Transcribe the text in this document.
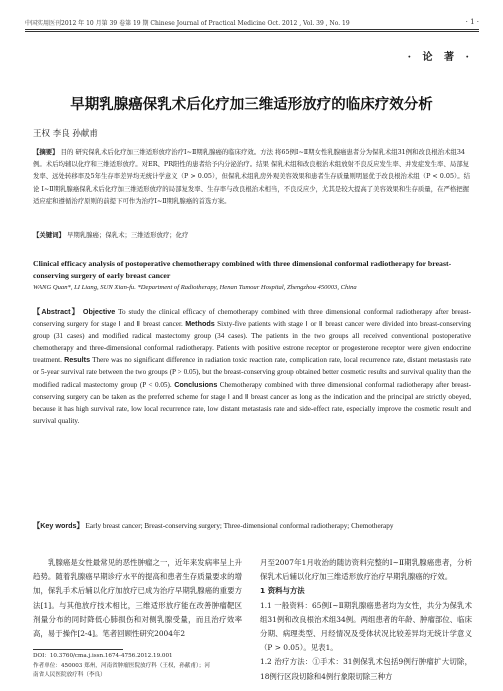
中国实用医刊2012 年 10 月第 39 卷第 19 期 Chinese Journal of Practical Medicine Oct. 2012 , Vol. 39 , No. 19	· 1 ·
· 论 著 ·
早期乳腺癌保乳术后化疗加三维适形放疗的临床疗效分析
王权 李良 孙献甫
【摘要】 目的 研究保乳术后化疗加三维适形放疗治疗Ⅰ~Ⅱ期乳腺癌的临床疗效。方法 将65例Ⅰ~Ⅱ期女性乳腺癌患者分为保乳术组31例和改良根治术组34例。术后均辅以化疗和三维适形放疗。对ER、PR阳性的患者给予内分泌治疗。结果 保乳术组和改良根治术组放射不良反应发生率、并发症发生率、局部复发率、远处转移率及5年生存率差异均无统计学意义（P > 0.05），但保乳术组乳房外观美容效果和患者生存质量则明显优于改良根治术组（P < 0.05）。结论 Ⅰ~Ⅱ期乳腺癌保乳术后化疗加三维适形放疗的局部复发率、生存率与改良根治术相当，不良反应少，尤其是较大提高了美容效果和生存质量，在严格把握适应症和遵循治疗原则的前提下可作为治疗Ⅰ~Ⅱ期乳腺癌的首选方案。
【关键词】 早期乳腺癌；保乳术；三维适形放疗；化疗
Clinical efficacy analysis of postoperative chemotherapy combined with three dimensional conformal radiotherapy for breast-conserving surgery of early breast cancer
WANG Quan*, LI Liang, SUN Xian-fu. *Department of Radiotherapy, Henan Tumour Hospital, Zhengzhou 450003, China
【Abstract】 Objective To study the clinical efficacy of chemotherapy combined with three dimensional conformal radiotherapy after breast-conserving surgery for stage Ⅰ and Ⅱ breast cancer. Methods Sixty-five patients with stage Ⅰ or Ⅱ breast cancer were divided into breast-conserving group (31 cases) and modified radical mastectomy group (34 cases). The patients in the two groups all received conventional postoperative chemotherapy and three-dimensional conformal radiotherapy. Patients with positive estrone receptor or progesterone receptor were given endocrine treatment. Results There was no significant difference in radiation toxic reaction rate, complication rate, local recurrence rate, distant metastasis rate or 5-year survival rate between the two groups (P > 0.05), but the breast-conserving group obtained better cosmetic results and survival quality than the modified radical mastectomy group (P < 0.05). Conclusions Chemotherapy combined with three dimensional conformal radiotherapy after breast-conserving surgery can be taken as the preferred scheme for stage Ⅰ and Ⅱ breast cancer as long as the indication and the principal are strictly obeyed, because it has high survival rate, low local recurrence rate, low distant metastasis rate and side-effect rate, especially improve the cosmetic result and survival quality.
【Key words】 Early breast cancer; Breast-conserving surgery; Three-dimensional conformal radiotherapy; Chemotherapy
乳腺癌是女性最常见的恶性肿瘤之一，近年来发病率呈上升趋势。随着乳腺癌早期诊疗水平的提高和患者生存质量要求的增加，保乳手术后辅以化疗加放疗已成为治疗早期乳腺癌的重要方法[1]。与其他放疗技术相比，三维适形放疗能在改善肿瘤靶区剂量分布的同时降低心肺损伤和对侧乳腺受量，而且治疗效率高，易于操作[2-4]。笔者回顾性研究2004年2

月至2007年1月收治的随访资料完整的Ⅰ~Ⅱ期乳腺癌患者，分析保乳术后辅以化疗加三维适形放疗治疗早期乳腺癌的疗效。

1 资料与方法

1.1 一般资料：65例Ⅰ~Ⅱ期乳腺癌患者均为女性，共分为保乳术组31例和改良根治术组34例。两组患者的年龄、肿瘤部位、临床分期、病理类型、月经情况及受体状况比较差异均无统计学意义（P > 0.05）。见表1。

1.2 治疗方法：①手术：31例保乳术包括9例行肿瘤扩大切除，18例行区段切除和4例行象限切除三种方

DOI：10.3760/cma.j.issn.1674-4756.2012.19.001
作者单位：450003 郑州，河南省肿瘤医院放疗科（王权，孙献甫）；河
南省人民医院放疗科（李良）
